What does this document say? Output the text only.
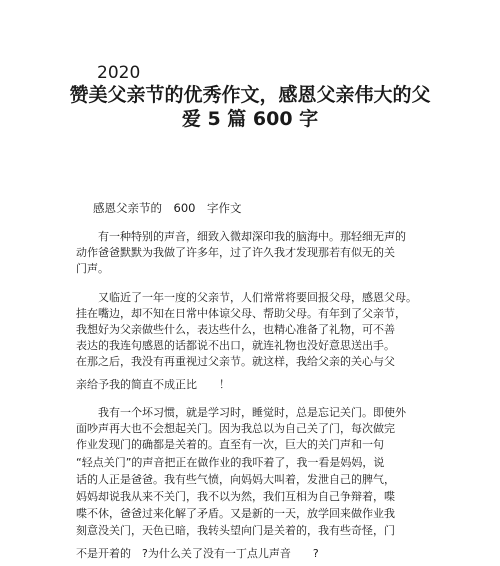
2020
赞美父亲节的优秀作文，感恩父亲伟大的父
爱 5 篇 600 字
感恩父亲节的　600　字作文
　　有一种特别的声音，细致入微却深印我的脑海中。那轻细无声的
动作爸爸默默为我做了许多年，过了许久我才发现那若有似无的关
门声。
　　又临近了一年一度的父亲节，人们常常将要回报父母，感恩父母。
挂在嘴边，却不知在日常中体谅父母、帮助父母。有年到了父亲节，
我想好为父亲做些什么，表达些什么，也精心准备了礼物，可不善
表达的我连句感恩的话都说不出口，就连礼物也没好意思送出手。
在那之后，我没有再重视过父亲节。就这样，我给父亲的关心与父
亲给予我的简直不成正比　　！
　　我有一个坏习惯，就是学习时，睡觉时，总是忘记关门。即使外
面吵声再大也不会想起关门。因为我总以为自己关了门，每次做完
作业发现门的确都是关着的。直至有一次，巨大的关门声和一句
“轻点关门”的声音把正在做作业的我吓着了，我一看是妈妈，说
话的人正是爸爸。我有些气愤，向妈妈大叫着，发泄自己的脾气，
妈妈却说我从来不关门，我不以为然，我们互相为自己争辩着，喋
喋不休，爸爸过来化解了矛盾。又是新的一天，放学回来做作业我
刻意没关门，天色已暗，我转头望向门是关着的，我有些奇怪，门
不是开着的　?为什么关了没有一丁点儿声音　　?
